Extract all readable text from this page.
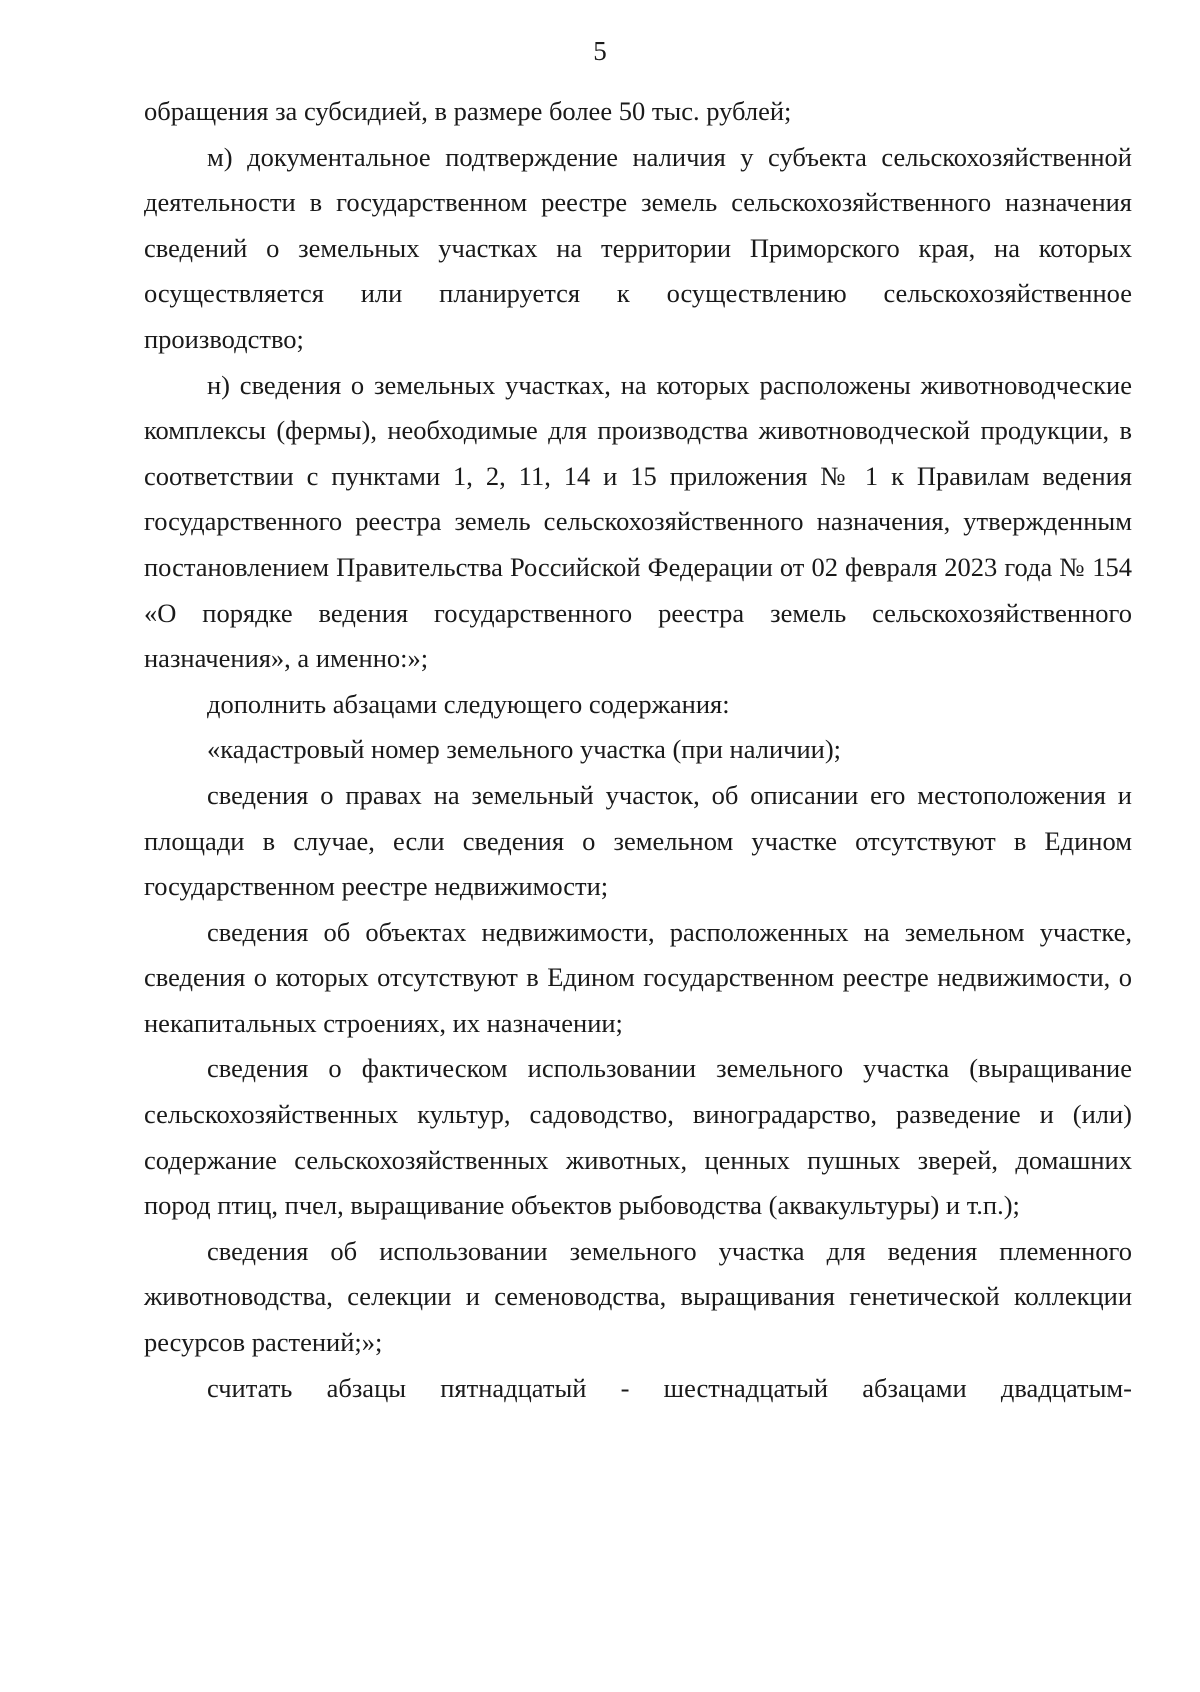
5

обращения за субсидией, в размере более 50 тыс. рублей;

м) документальное подтверждение наличия у субъекта сельскохозяйственной деятельности в государственном реестре земель сельскохозяйственного назначения сведений о земельных участках на территории Приморского края, на которых осуществляется или планируется к осуществлению сельскохозяйственное производство;

н) сведения о земельных участках, на которых расположены животноводческие комплексы (фермы), необходимые для производства животноводческой продукции, в соответствии с пунктами 1, 2, 11, 14 и 15 приложения № 1 к Правилам ведения государственного реестра земель сельскохозяйственного назначения, утвержденным постановлением Правительства Российской Федерации от 02 февраля 2023 года № 154 «О порядке ведения государственного реестра земель сельскохозяйственного назначения», а именно:»;

дополнить абзацами следующего содержания:

«кадастровый номер земельного участка (при наличии);

сведения о правах на земельный участок, об описании его местоположения и площади в случае, если сведения о земельном участке отсутствуют в Едином государственном реестре недвижимости;

сведения об объектах недвижимости, расположенных на земельном участке, сведения о которых отсутствуют в Едином государственном реестре недвижимости, о некапитальных строениях, их назначении;

сведения о фактическом использовании земельного участка (выращивание сельскохозяйственных культур, садоводство, виноградарство, разведение и (или) содержание сельскохозяйственных животных, ценных пушных зверей, домашних пород птиц, пчел, выращивание объектов рыбоводства (аквакультуры) и т.п.);

сведения об использовании земельного участка для ведения племенного животноводства, селекции и семеноводства, выращивания генетической коллекции ресурсов растений;»;

считать абзацы пятнадцатый - шестнадцатый абзацами двадцатым-
